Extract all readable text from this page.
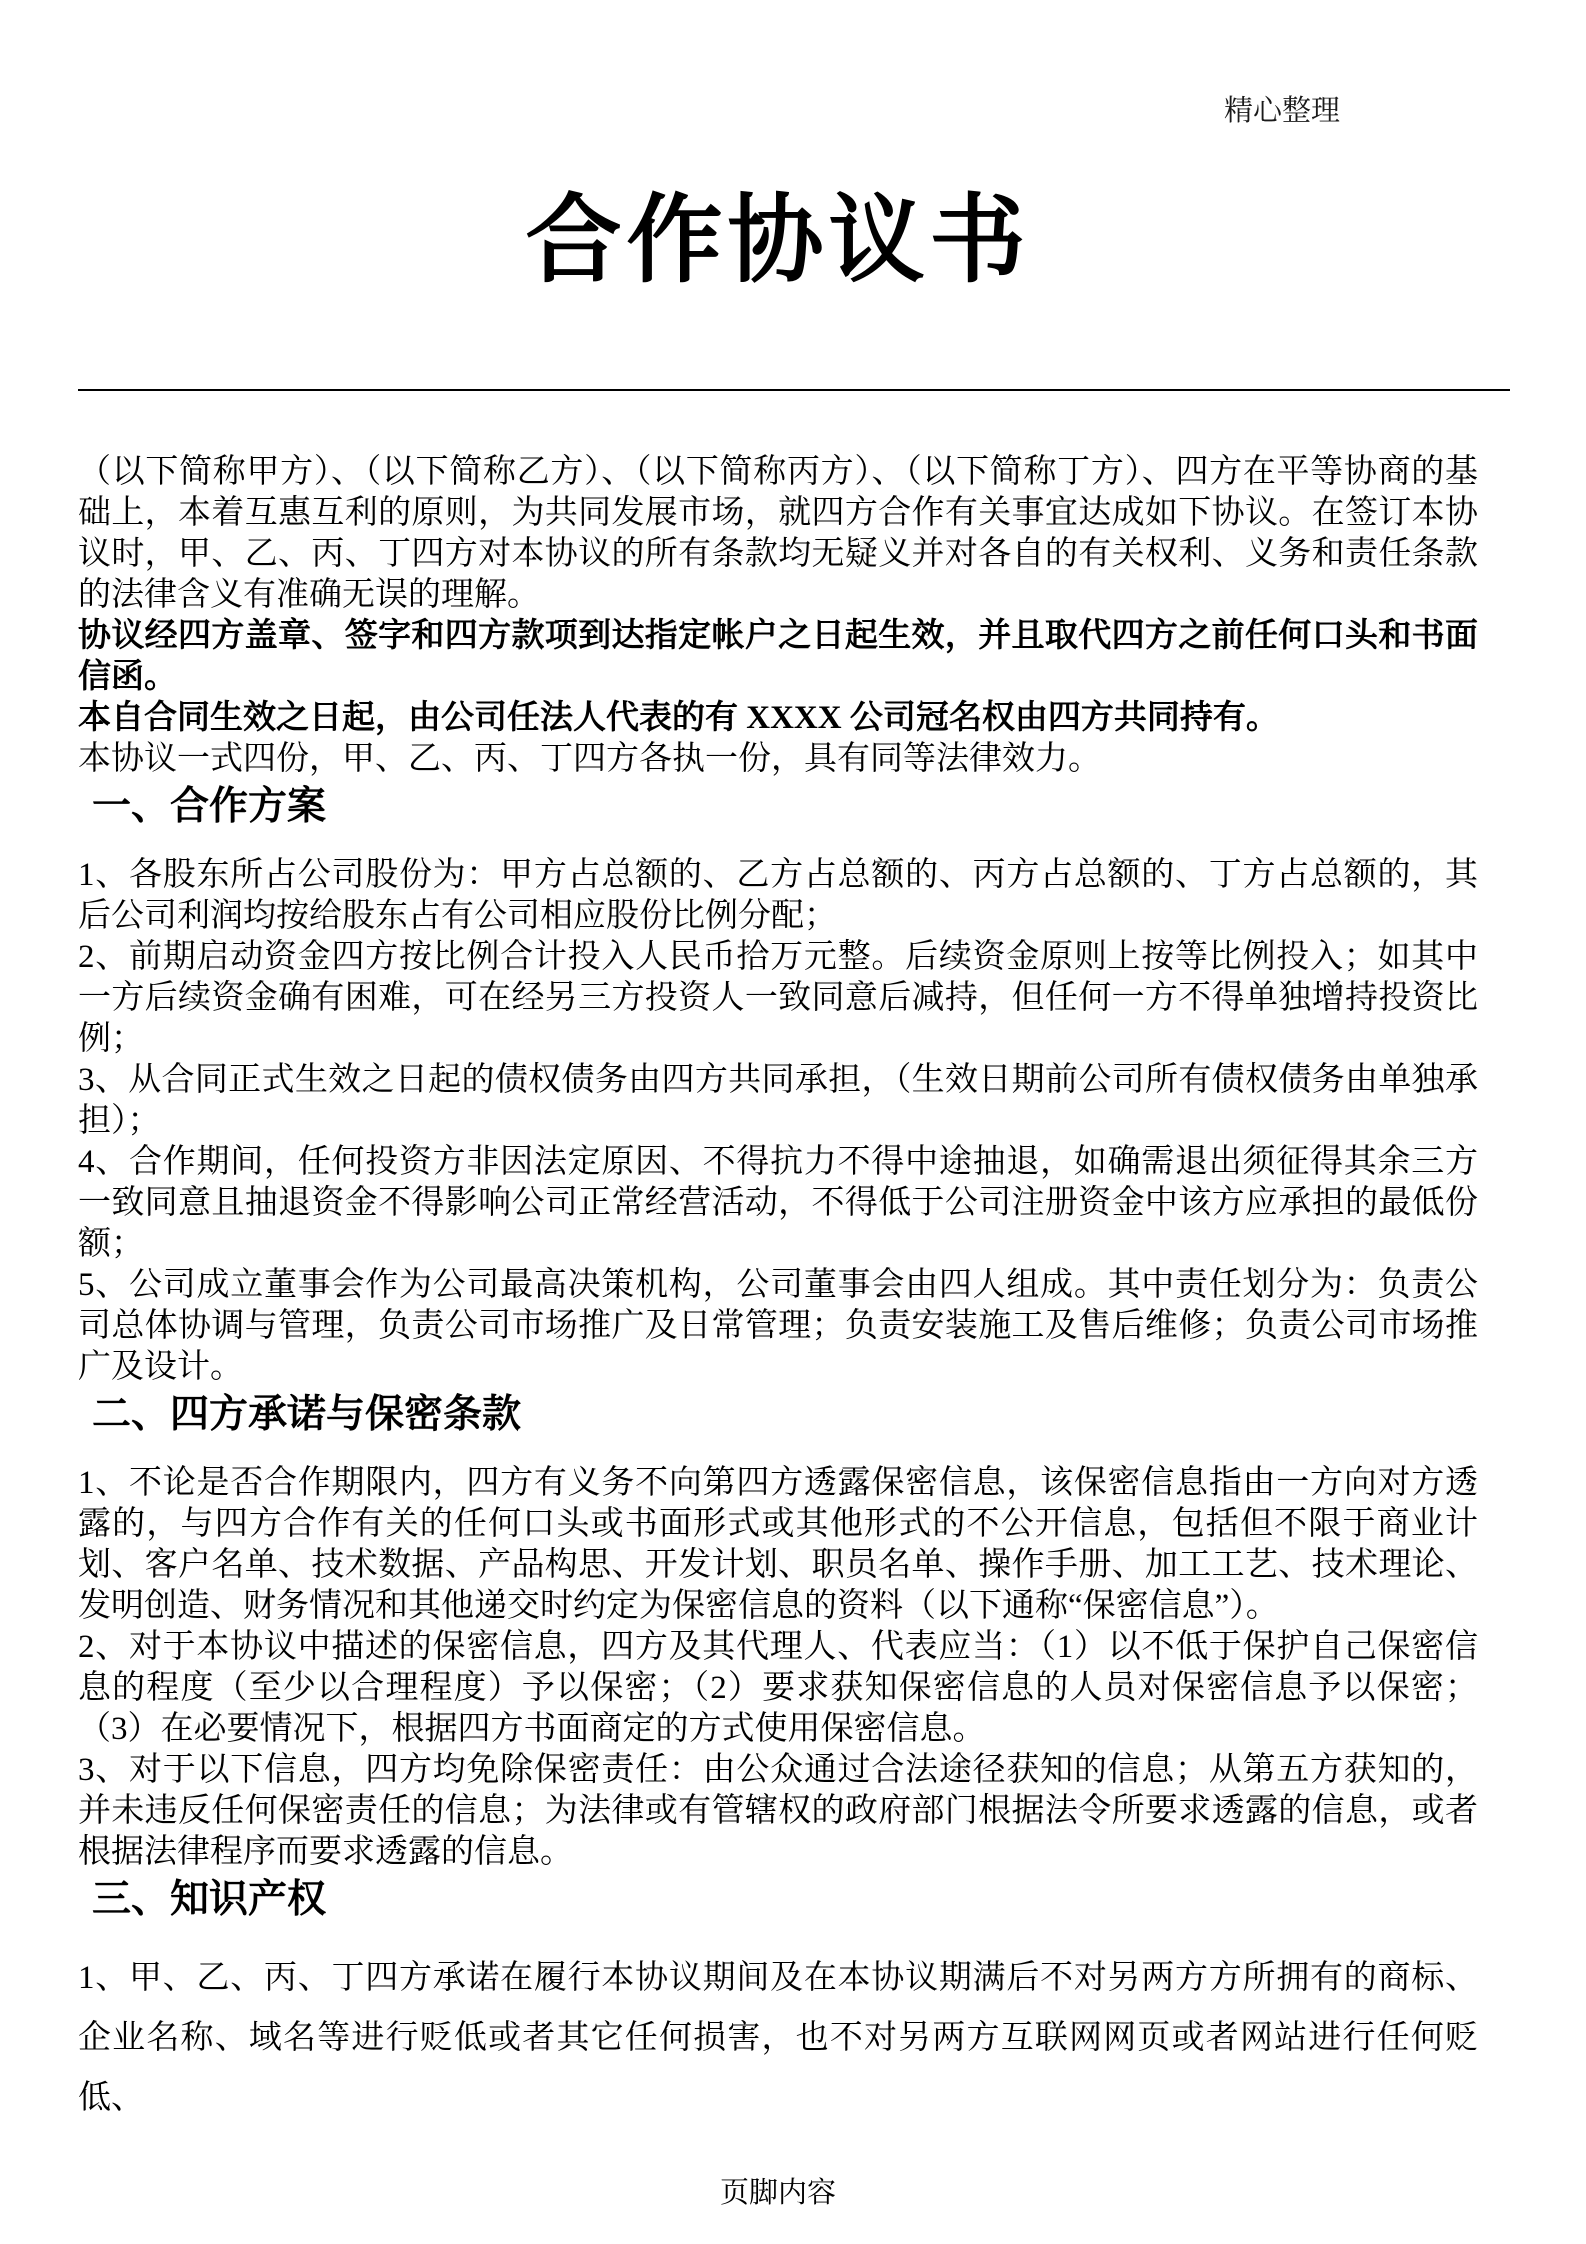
精心整理
合作协议书

（以下简称甲方）、（以下简称乙方）、（以下简称丙方）、（以下简称丁方）、四方在平等协商的基础上，本着互惠互利的原则，为共同发展市场，就四方合作有关事宜达成如下协议。在签订本协议时，甲、乙、丙、丁四方对本协议的所有条款均无疑义并对各自的有关权利、义务和责任条款的法律含义有准确无误的理解。

协议经四方盖章、签字和四方款项到达指定帐户之日起生效，并且取代四方之前任何口头和书面信函。

本自合同生效之日起，由公司任法人代表的有 XXXX 公司冠名权由四方共同持有。

本协议一式四份，甲、乙、丙、丁四方各执一份，具有同等法律效力。

一、合作方案

1、各股东所占公司股份为：甲方占总额的、乙方占总额的、丙方占总额的、丁方占总额的，其后公司利润均按给股东占有公司相应股份比例分配；

2、前期启动资金四方按比例合计投入人民币拾万元整。后续资金原则上按等比例投入；如其中一方后续资金确有困难，可在经另三方投资人一致同意后减持，但任何一方不得单独增持投资比例；

3、从合同正式生效之日起的债权债务由四方共同承担，（生效日期前公司所有债权债务由单独承担）；

4、合作期间，任何投资方非因法定原因、不得抗力不得中途抽退，如确需退出须征得其余三方一致同意且抽退资金不得影响公司正常经营活动，不得低于公司注册资金中该方应承担的最低份额；

5、公司成立董事会作为公司最高决策机构，公司董事会由四人组成。其中责任划分为：负责公司总体协调与管理，负责公司市场推广及日常管理；负责安装施工及售后维修；负责公司市场推广及设计。

二、四方承诺与保密条款

1、不论是否合作期限内，四方有义务不向第四方透露保密信息，该保密信息指由一方向对方透露的，与四方合作有关的任何口头或书面形式或其他形式的不公开信息，包括但不限于商业计划、客户名单、技术数据、产品构思、开发计划、职员名单、操作手册、加工工艺、技术理论、发明创造、财务情况和其他递交时约定为保密信息的资料（以下通称“保密信息”）。

2、对于本协议中描述的保密信息，四方及其代理人、代表应当：（1）以不低于保护自己保密信息的程度（至少以合理程度）予以保密；（2）要求获知保密信息的人员对保密信息予以保密；（3）在必要情况下，根据四方书面商定的方式使用保密信息。

3、对于以下信息，四方均免除保密责任：由公众通过合法途径获知的信息；从第五方获知的，并未违反任何保密责任的信息；为法律或有管辖权的政府部门根据法令所要求透露的信息，或者根据法律程序而要求透露的信息。

三、知识产权

1、甲、乙、丙、丁四方承诺在履行本协议期间及在本协议期满后不对另两方方所拥有的商标、企业名称、域名等进行贬低或者其它任何损害，也不对另两方互联网网页或者网站进行任何贬低、

页脚内容
